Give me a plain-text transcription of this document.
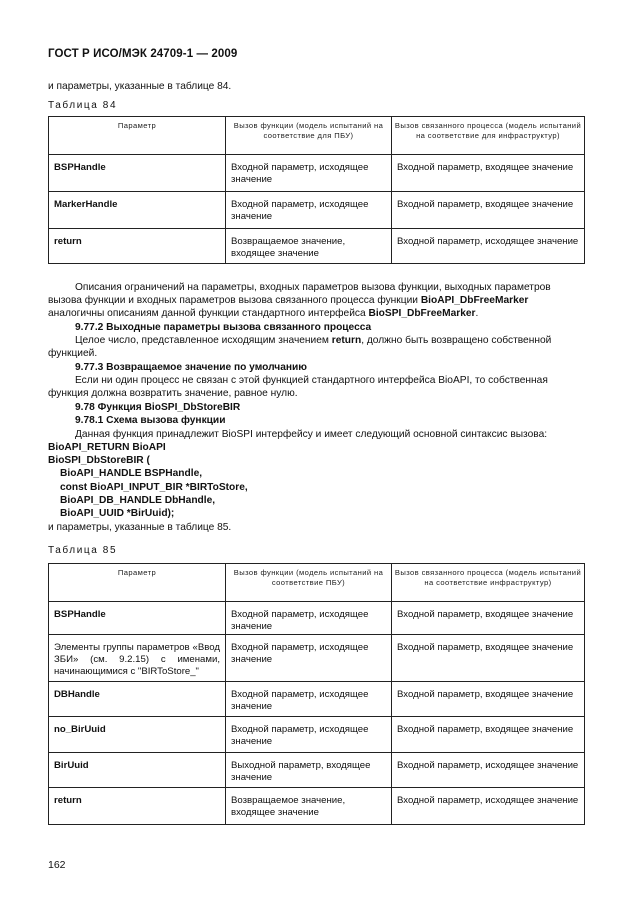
ГОСТ Р ИСО/МЭК 24709-1 — 2009
и параметры, указанные в таблице 84.
Таблица 84
Параметр	Вызов функции (модель испытаний на соответствие для ПБУ)	Вызов связанного процесса (модель испытаний на соответствие для инфраструктур)
BSPHandle	Входной параметр, исходящее значение	Входной параметр, входящее значение
MarkerHandle	Входной параметр, исходящее значение	Входной параметр, входящее значение
return	Возвращаемое значение, входящее значение	Входной параметр, исходящее значение
Описания ограничений на параметры, входных параметров вызова функции, выходных параметров вызова функции и входных параметров вызова связанного процесса функции BioAPI_DbFreeMarker аналогичны описаниям данной функции стандартного интерфейса BioSPI_DbFreeMarker.
9.77.2 Выходные параметры вызова связанного процесса
Целое число, представленное исходящим значением return, должно быть возвращено собственной функцией.
9.77.3 Возвращаемое значение по умолчанию
Если ни один процесс не связан с этой функцией стандартного интерфейса BioAPI, то собственная функция должна возвратить значение, равное нулю.
9.78 Функция BioSPI_DbStoreBIR
9.78.1 Схема вызова функции
Данная функция принадлежит BioSPI интерфейсу и имеет следующий основной синтаксис вызова:
BioAPI_RETURN BioAPI
BioSPI_DbStoreBIR (
BioAPI_HANDLE BSPHandle,
const BioAPI_INPUT_BIR *BIRToStore,
BioAPI_DB_HANDLE DbHandle,
BioAPI_UUID *BirUuid);
и параметры, указанные в таблице 85.
Таблица 85
Параметр	Вызов функции (модель испытаний на соответствие ПБУ)	Вызов связанного процесса (модель испытаний на соответствие инфраструктур)
BSPHandle	Входной параметр, исходящее значение	Входной параметр, входящее значение
Элементы группы параметров «Ввод ЗБИ» (см. 9.2.15) с именами, начинающимися с "BIRToStore_"	Входной параметр, исходящее значение	Входной параметр, входящее значение
DBHandle	Входной параметр, исходящее значение	Входной параметр, входящее значение
no_BirUuid	Входной параметр, исходящее значение	Входной параметр, входящее значение
BirUuid	Выходной параметр, входящее значение	Входной параметр, исходящее значение
return	Возвращаемое значение, входящее значение	Входной параметр, исходящее значение
162
